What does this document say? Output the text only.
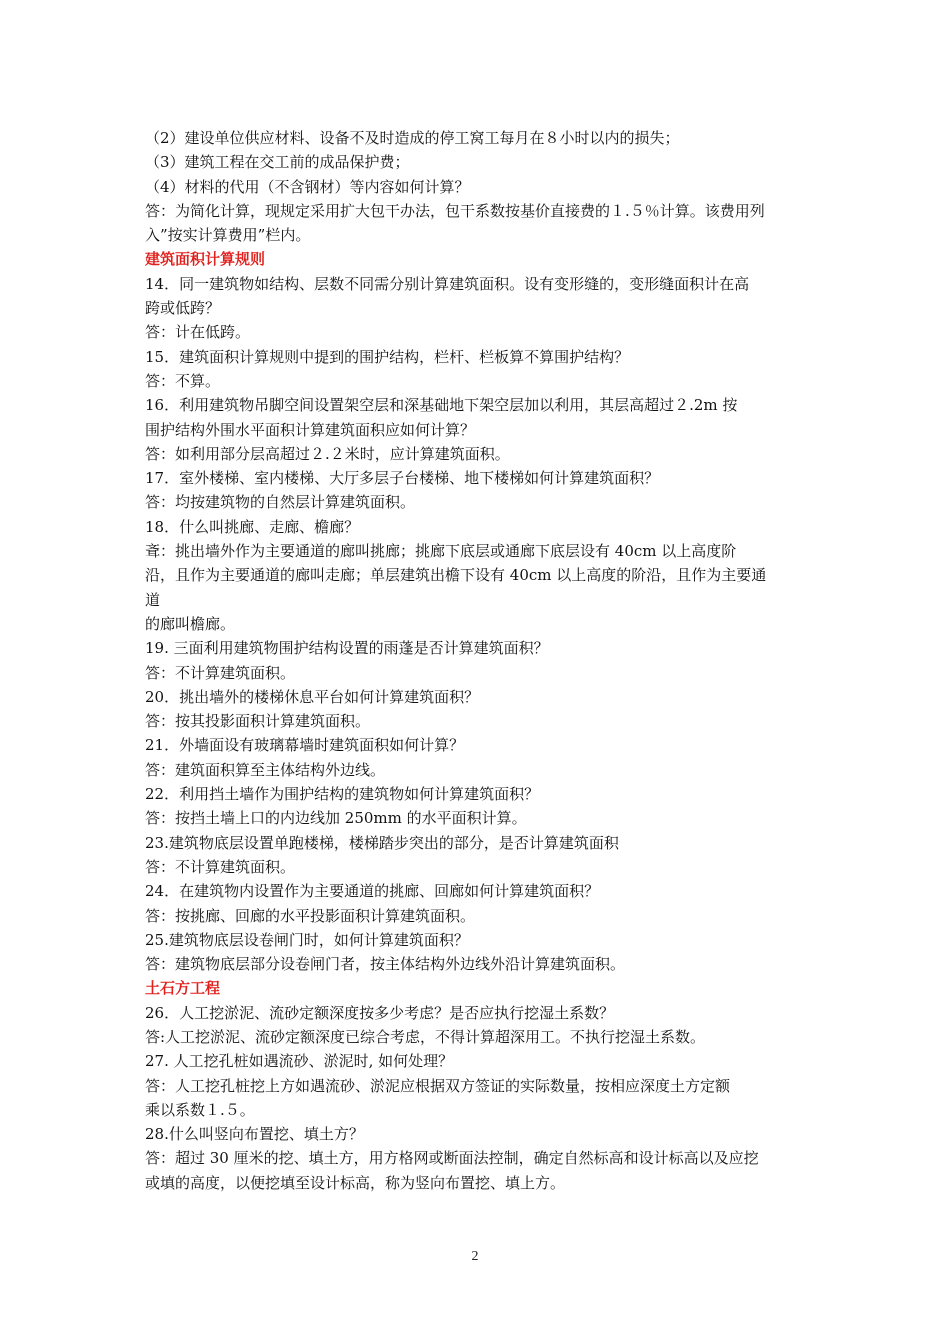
（2）建设单位供应材料、设备不及时造成的停工窝工每月在８小时以内的损失；
（3）建筑工程在交工前的成品保护费；
（4）材料的代用（不含钢材）等内容如何计算？
答：为简化计算，现规定采用扩大包干办法，包干系数按基价直接费的１.５％计算。该费用列
入”按实计算费用”栏内。
建筑面积计算规则
14．同一建筑物如结构、层数不同需分别计算建筑面积。设有变形缝的，变形缝面积计在高
跨或低跨？
答：计在低跨。
15．建筑面积计算规则中提到的围护结构，栏杆、栏板算不算围护结构？
答：不算。
16．利用建筑物吊脚空间设置架空层和深基础地下架空层加以利用，其层高超过２.2m 按
围护结构外围水平面积计算建筑面积应如何计算？
答：如利用部分层高超过２.２米时，应计算建筑面积。
17．室外楼梯、室内楼梯、大厅多层子台楼梯、地下楼梯如何计算建筑面积？
答：均按建筑物的自然层计算建筑面积。
18．什么叫挑廊、走廊、檐廊？
斊：挑出墙外作为主要通道的廊叫挑廊；挑廊下底层或通廊下底层设有 40cm 以上高度阶
沿，且作为主要通道的廊叫走廊；单层建筑出檐下设有 40cm 以上高度的阶沿，且作为主要通
道
的廊叫檐廊。
19. 三面利用建筑物围护结构设置的雨蓬是否计算建筑面积？
答：不计算建筑面积。
20．挑出墙外的楼梯休息平台如何计算建筑面积？
答：按其投影面积计算建筑面积。
21．外墙面设有玻璃幕墙时建筑面积如何计算？
答：建筑面积算至主体结构外边线。
22．利用挡土墙作为围护结构的建筑物如何计算建筑面积？
答：按挡土墙上口的内边线加 250mm 的水平面积计算。
23.建筑物底层设置单跑楼梯，楼梯踏步突出的部分，是否计算建筑面积
答：不计算建筑面积。
24．在建筑物内设置作为主要通道的挑廊、回廊如何计算建筑面积？
答：按挑廊、回廊的水平投影面积计算建筑面积。
25.建筑物底层设卷闸门时，如何计算建筑面积？
答：建筑物底层部分设卷闸门者，按主体结构外边线外沿计算建筑面积。
土石方工程
26．人工挖淤泥、流砂定额深度按多少考虑？是否应执行挖湿土系数？
答:人工挖淤泥、流砂定额深度已综合考虑，不得计算超深用工。不执行挖湿土系数。
27. 人工挖孔桩如遇流砂、淤泥时, 如何处理？
答：人工挖孔桩挖上方如遇流砂、淤泥应根据双方签证的实际数量，按相应深度土方定额
乘以系数１.５。
28.什么叫竖向布置挖、填土方？
答：超过 30 厘米的挖、填土方，用方格网或断面法控制，确定自然标高和设计标高以及应挖
或填的高度，以便挖填至设计标高，称为竖向布置挖、填上方。
2
